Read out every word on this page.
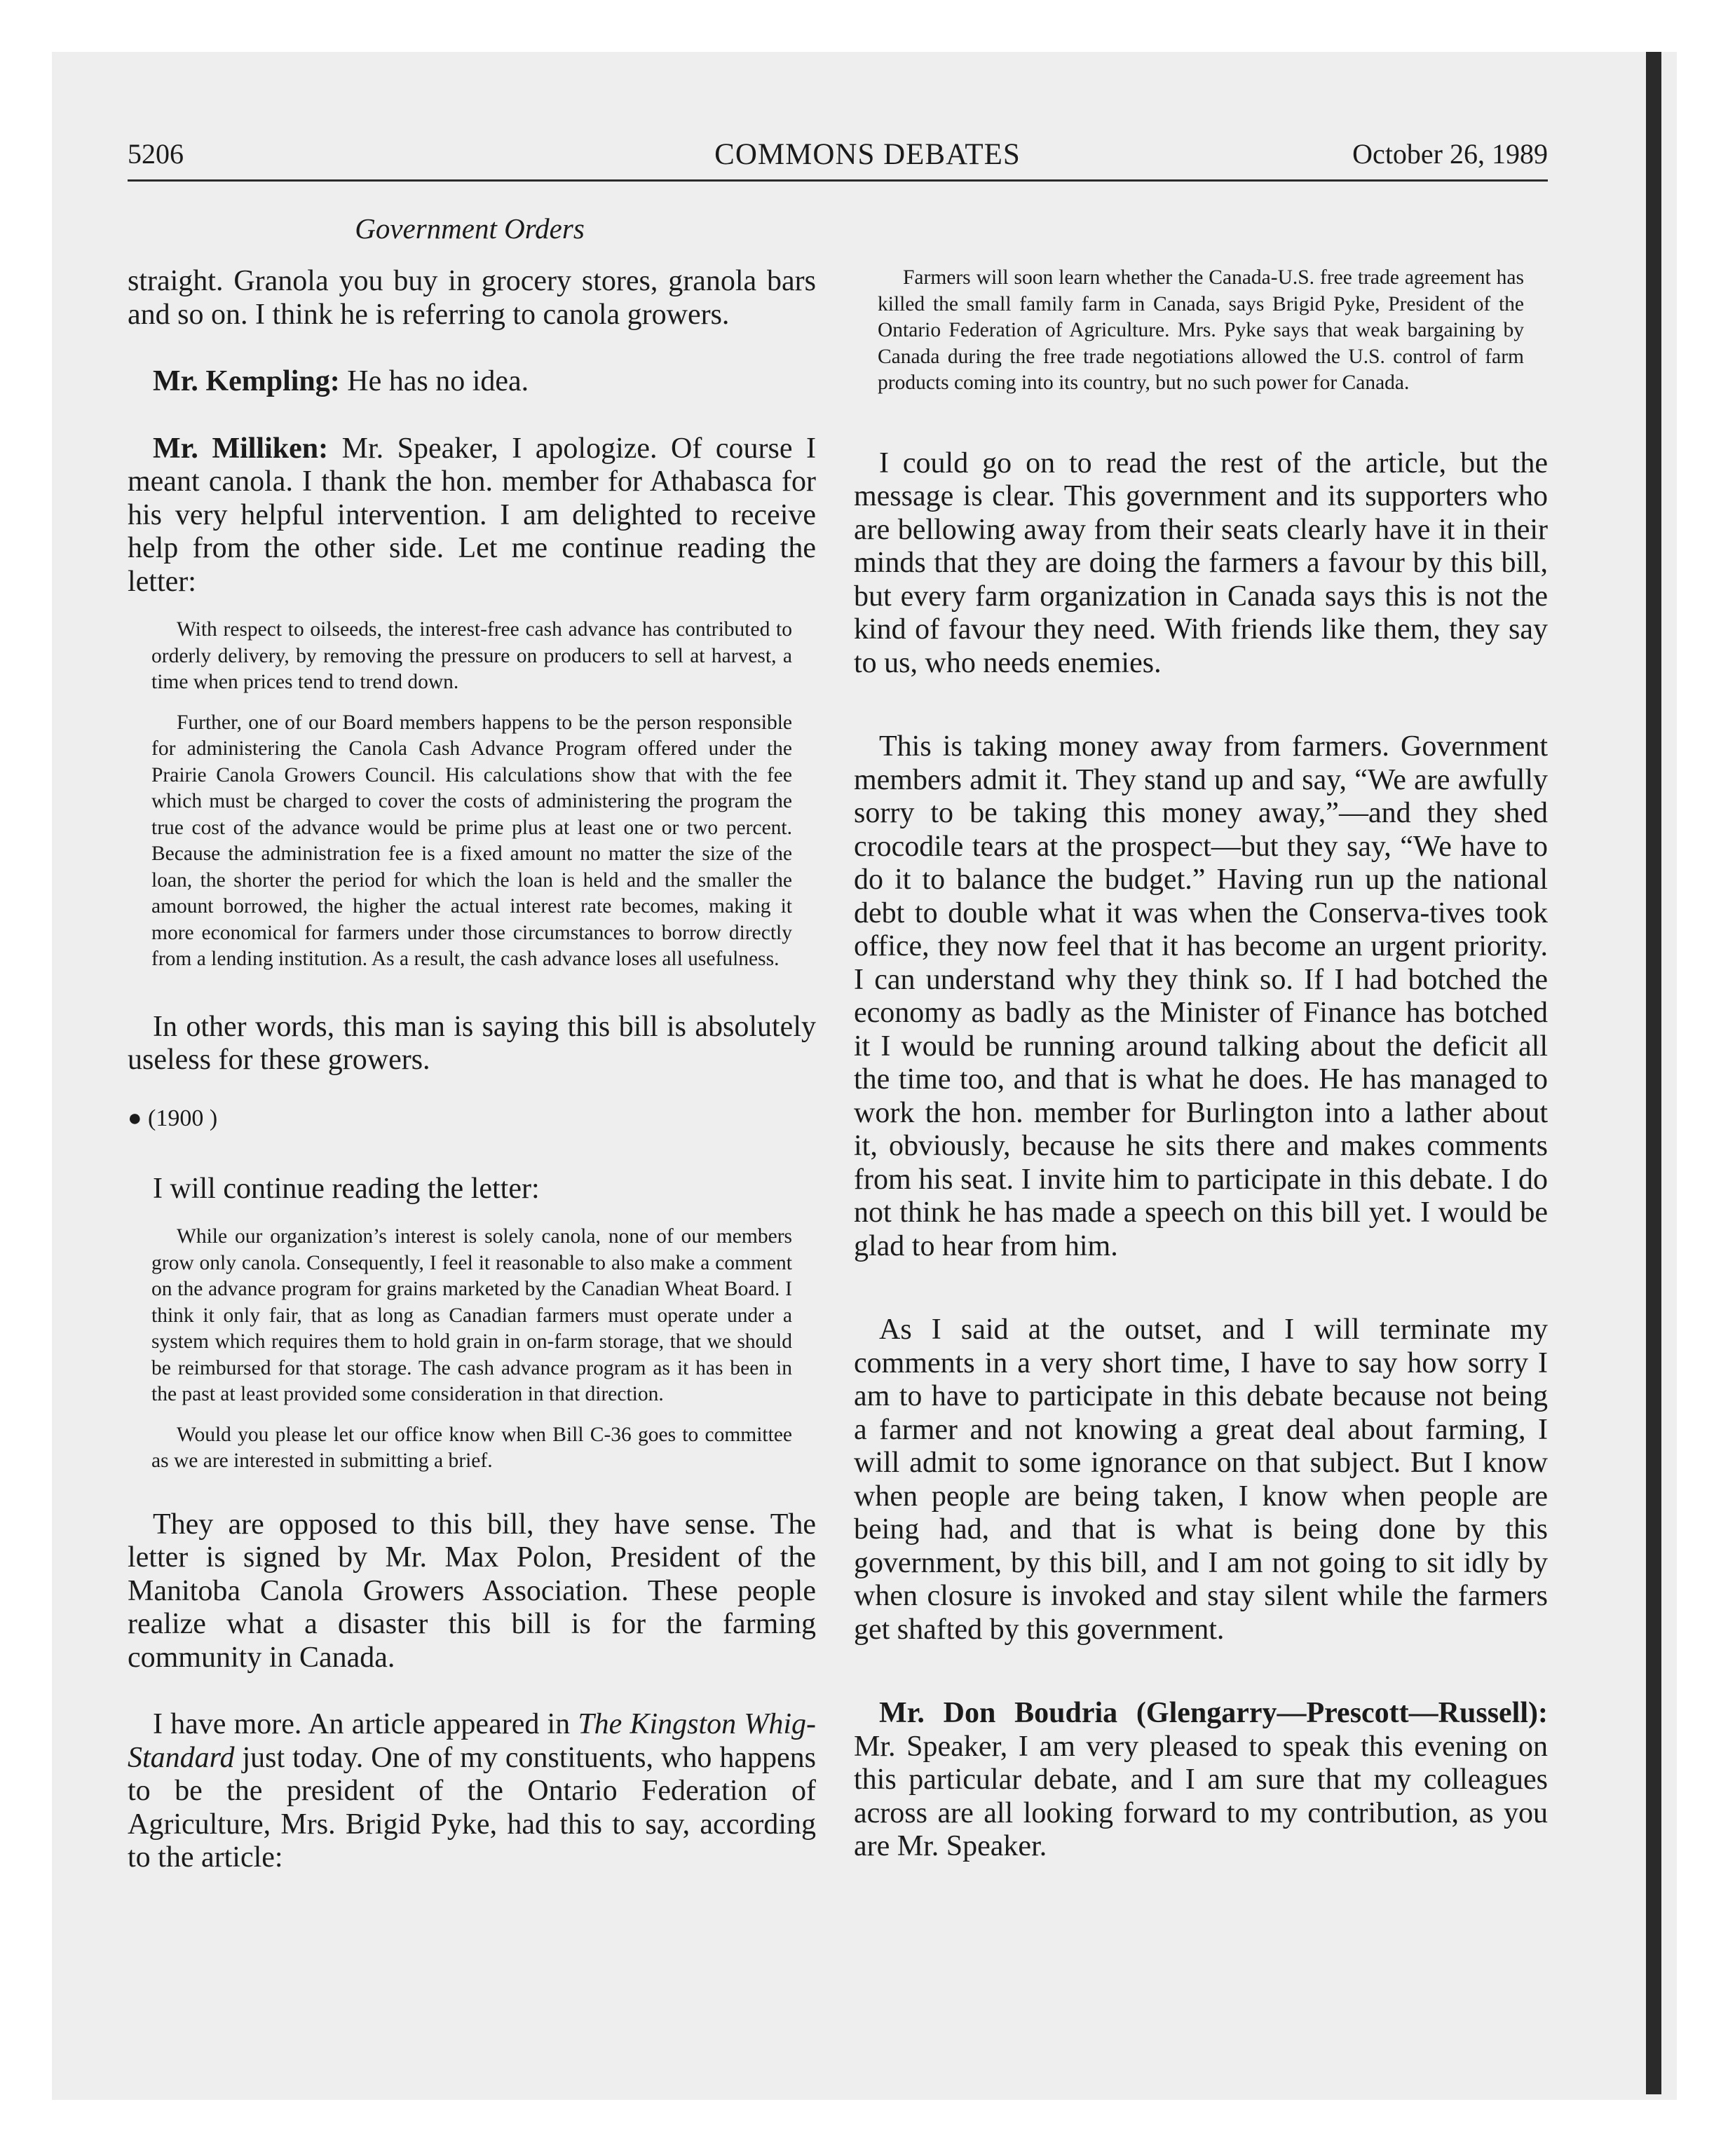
5206	COMMONS DEBATES	October 26, 1989
Government Orders

straight. Granola you buy in grocery stores, granola bars and so on. I think he is referring to canola growers.

Mr. Kempling: He has no idea.

Mr. Milliken: Mr. Speaker, I apologize. Of course I meant canola. I thank the hon. member for Athabasca for his very helpful intervention. I am delighted to receive help from the other side. Let me continue reading the letter:

With respect to oilseeds, the interest-free cash advance has contributed to orderly delivery, by removing the pressure on producers to sell at harvest, a time when prices tend to trend down.

Further, one of our Board members happens to be the person responsible for administering the Canola Cash Advance Program offered under the Prairie Canola Growers Council. His calculations show that with the fee which must be charged to cover the costs of administering the program the true cost of the advance would be prime plus at least one or two percent. Because the administration fee is a fixed amount no matter the size of the loan, the shorter the period for which the loan is held and the smaller the amount borrowed, the higher the actual interest rate becomes, making it more economical for farmers under those circumstances to borrow directly from a lending institution. As a result, the cash advance loses all usefulness.

In other words, this man is saying this bill is absolutely useless for these growers.

● (1900 )

I will continue reading the letter:

While our organization’s interest is solely canola, none of our members grow only canola. Consequently, I feel it reasonable to also make a comment on the advance program for grains marketed by the Canadian Wheat Board. I think it only fair, that as long as Canadian farmers must operate under a system which requires them to hold grain in on-farm storage, that we should be reimbursed for that storage. The cash advance program as it has been in the past at least provided some consideration in that direction.

Would you please let our office know when Bill C-36 goes to committee as we are interested in submitting a brief.

They are opposed to this bill, they have sense. The letter is signed by Mr. Max Polon, President of the Manitoba Canola Growers Association. These people realize what a disaster this bill is for the farming community in Canada.

I have more. An article appeared in The Kingston Whig-Standard just today. One of my constituents, who happens to be the president of the Ontario Federation of Agriculture, Mrs. Brigid Pyke, had this to say, according to the article:

Farmers will soon learn whether the Canada-U.S. free trade agreement has killed the small family farm in Canada, says Brigid Pyke, President of the Ontario Federation of Agriculture. Mrs. Pyke says that weak bargaining by Canada during the free trade negotiations allowed the U.S. control of farm products coming into its country, but no such power for Canada.

I could go on to read the rest of the article, but the message is clear. This government and its supporters who are bellowing away from their seats clearly have it in their minds that they are doing the farmers a favour by this bill, but every farm organization in Canada says this is not the kind of favour they need. With friends like them, they say to us, who needs enemies.

This is taking money away from farmers. Government members admit it. They stand up and say, “We are awfully sorry to be taking this money away,”—and they shed crocodile tears at the prospect—but they say, “We have to do it to balance the budget.” Having run up the national debt to double what it was when the Conserva-tives took office, they now feel that it has become an urgent priority. I can understand why they think so. If I had botched the economy as badly as the Minister of Finance has botched it I would be running around talking about the deficit all the time too, and that is what he does. He has managed to work the hon. member for Burlington into a lather about it, obviously, because he sits there and makes comments from his seat. I invite him to participate in this debate. I do not think he has made a speech on this bill yet. I would be glad to hear from him.

As I said at the outset, and I will terminate my comments in a very short time, I have to say how sorry I am to have to participate in this debate because not being a farmer and not knowing a great deal about farming, I will admit to some ignorance on that subject. But I know when people are being taken, I know when people are being had, and that is what is being done by this government, by this bill, and I am not going to sit idly by when closure is invoked and stay silent while the farmers get shafted by this government.

Mr. Don Boudria (Glengarry—Prescott—Russell): Mr. Speaker, I am very pleased to speak this evening on this particular debate, and I am sure that my colleagues across are all looking forward to my contribution, as you are Mr. Speaker.
